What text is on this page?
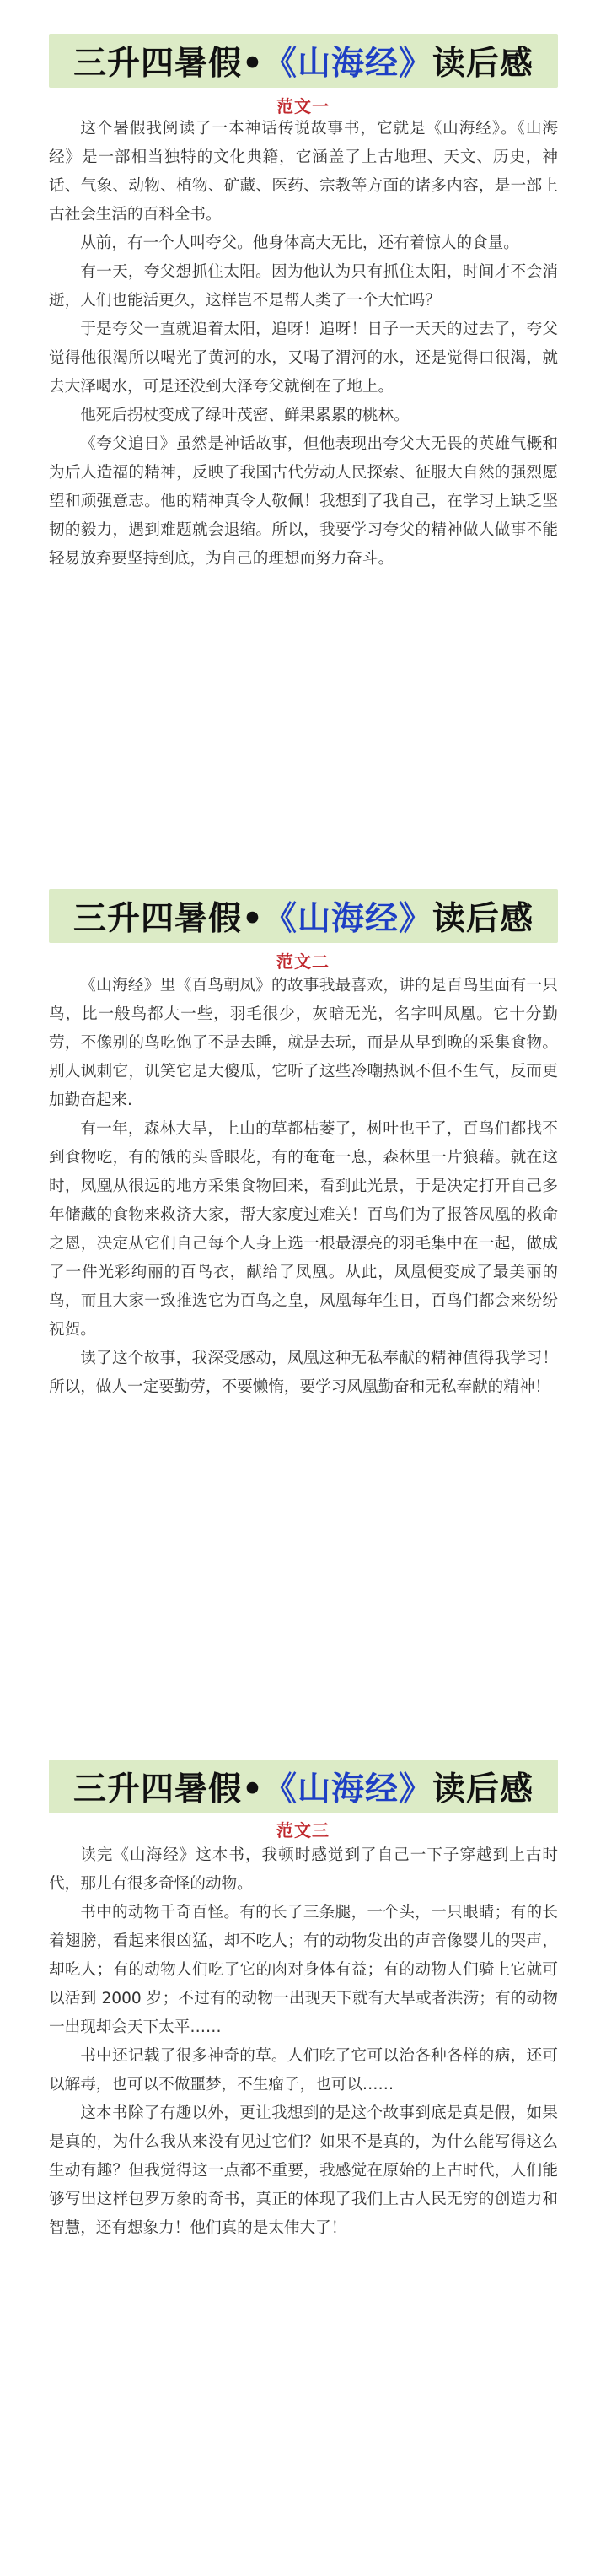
三升四暑假• 《山海经》 读后感
范文一

这个暑假我阅读了一本神话传说故事书，它就是《山海经》。《山海经》是一部相当独特的文化典籍，它涵盖了上古地理、天文、历史，神话、气象、动物、植物、矿藏、医药、宗教等方面的诸多内容，是一部上古社会生活的百科全书。

从前，有一个人叫夸父。他身体高大无比，还有着惊人的食量。

有一天，夸父想抓住太阳。因为他认为只有抓住太阳，时间才不会消逝，人们也能活更久，这样岂不是帮人类了一个大忙吗？

于是夸父一直就追着太阳，追呀！追呀！日子一天天的过去了，夸父觉得他很渴所以喝光了黄河的水，又喝了渭河的水，还是觉得口很渴，就去大泽喝水，可是还没到大泽夸父就倒在了地上。

他死后拐杖变成了绿叶茂密、鲜果累累的桃林。

《夸父追日》虽然是神话故事，但他表现出夸父大无畏的英雄气概和为后人造福的精神，反映了我国古代劳动人民探索、征服大自然的强烈愿望和顽强意志。他的精神真令人敬佩！我想到了我自己，在学习上缺乏坚韧的毅力，遇到难题就会退缩。所以，我要学习夸父的精神做人做事不能轻易放弃要坚持到底，为自己的理想而努力奋斗。

三升四暑假• 《山海经》 读后感
范文二

《山海经》里《百鸟朝凤》的故事我最喜欢，讲的是百鸟里面有一只鸟，比一般鸟都大一些，羽毛很少，灰暗无光，名字叫凤凰。它十分勤劳，不像别的鸟吃饱了不是去睡，就是去玩，而是从早到晚的采集食物。别人讽刺它，讥笑它是大傻瓜，它听了这些冷嘲热讽不但不生气，反而更加勤奋起来.

有一年，森林大旱，上山的草都枯萎了，树叶也干了，百鸟们都找不到食物吃，有的饿的头昏眼花，有的奄奄一息，森林里一片狼藉。就在这时，凤凰从很远的地方采集食物回来，看到此光景，于是决定打开自己多年储藏的食物来救济大家，帮大家度过难关！百鸟们为了报答凤凰的救命之恩，决定从它们自己每个人身上选一根最漂亮的羽毛集中在一起，做成了一件光彩绚丽的百鸟衣，献给了凤凰。从此，凤凰便变成了最美丽的鸟，而且大家一致推选它为百鸟之皇，凤凰每年生日，百鸟们都会来纷纷祝贺。

读了这个故事，我深受感动，凤凰这种无私奉献的精神值得我学习！所以，做人一定要勤劳，不要懒惰，要学习凤凰勤奋和无私奉献的精神！

三升四暑假• 《山海经》 读后感
范文三

读完《山海经》这本书，我顿时感觉到了自己一下子穿越到上古时代，那儿有很多奇怪的动物。

书中的动物千奇百怪。有的长了三条腿，一个头，一只眼睛；有的长着翅膀，看起来很凶猛，却不吃人；有的动物发出的声音像婴儿的哭声，却吃人；有的动物人们吃了它的肉对身体有益；有的动物人们骑上它就可以活到 2000 岁；不过有的动物一出现天下就有大旱或者洪涝；有的动物一出现却会天下太平……

书中还记载了很多神奇的草。人们吃了它可以治各种各样的病，还可以解毒，也可以不做噩梦，不生瘤子，也可以……

这本书除了有趣以外，更让我想到的是这个故事到底是真是假，如果是真的，为什么我从来没有见过它们？如果不是真的，为什么能写得这么生动有趣？但我觉得这一点都不重要，我感觉在原始的上古时代，人们能够写出这样包罗万象的奇书，真正的体现了我们上古人民无穷的创造力和智慧，还有想象力！他们真的是太伟大了！
